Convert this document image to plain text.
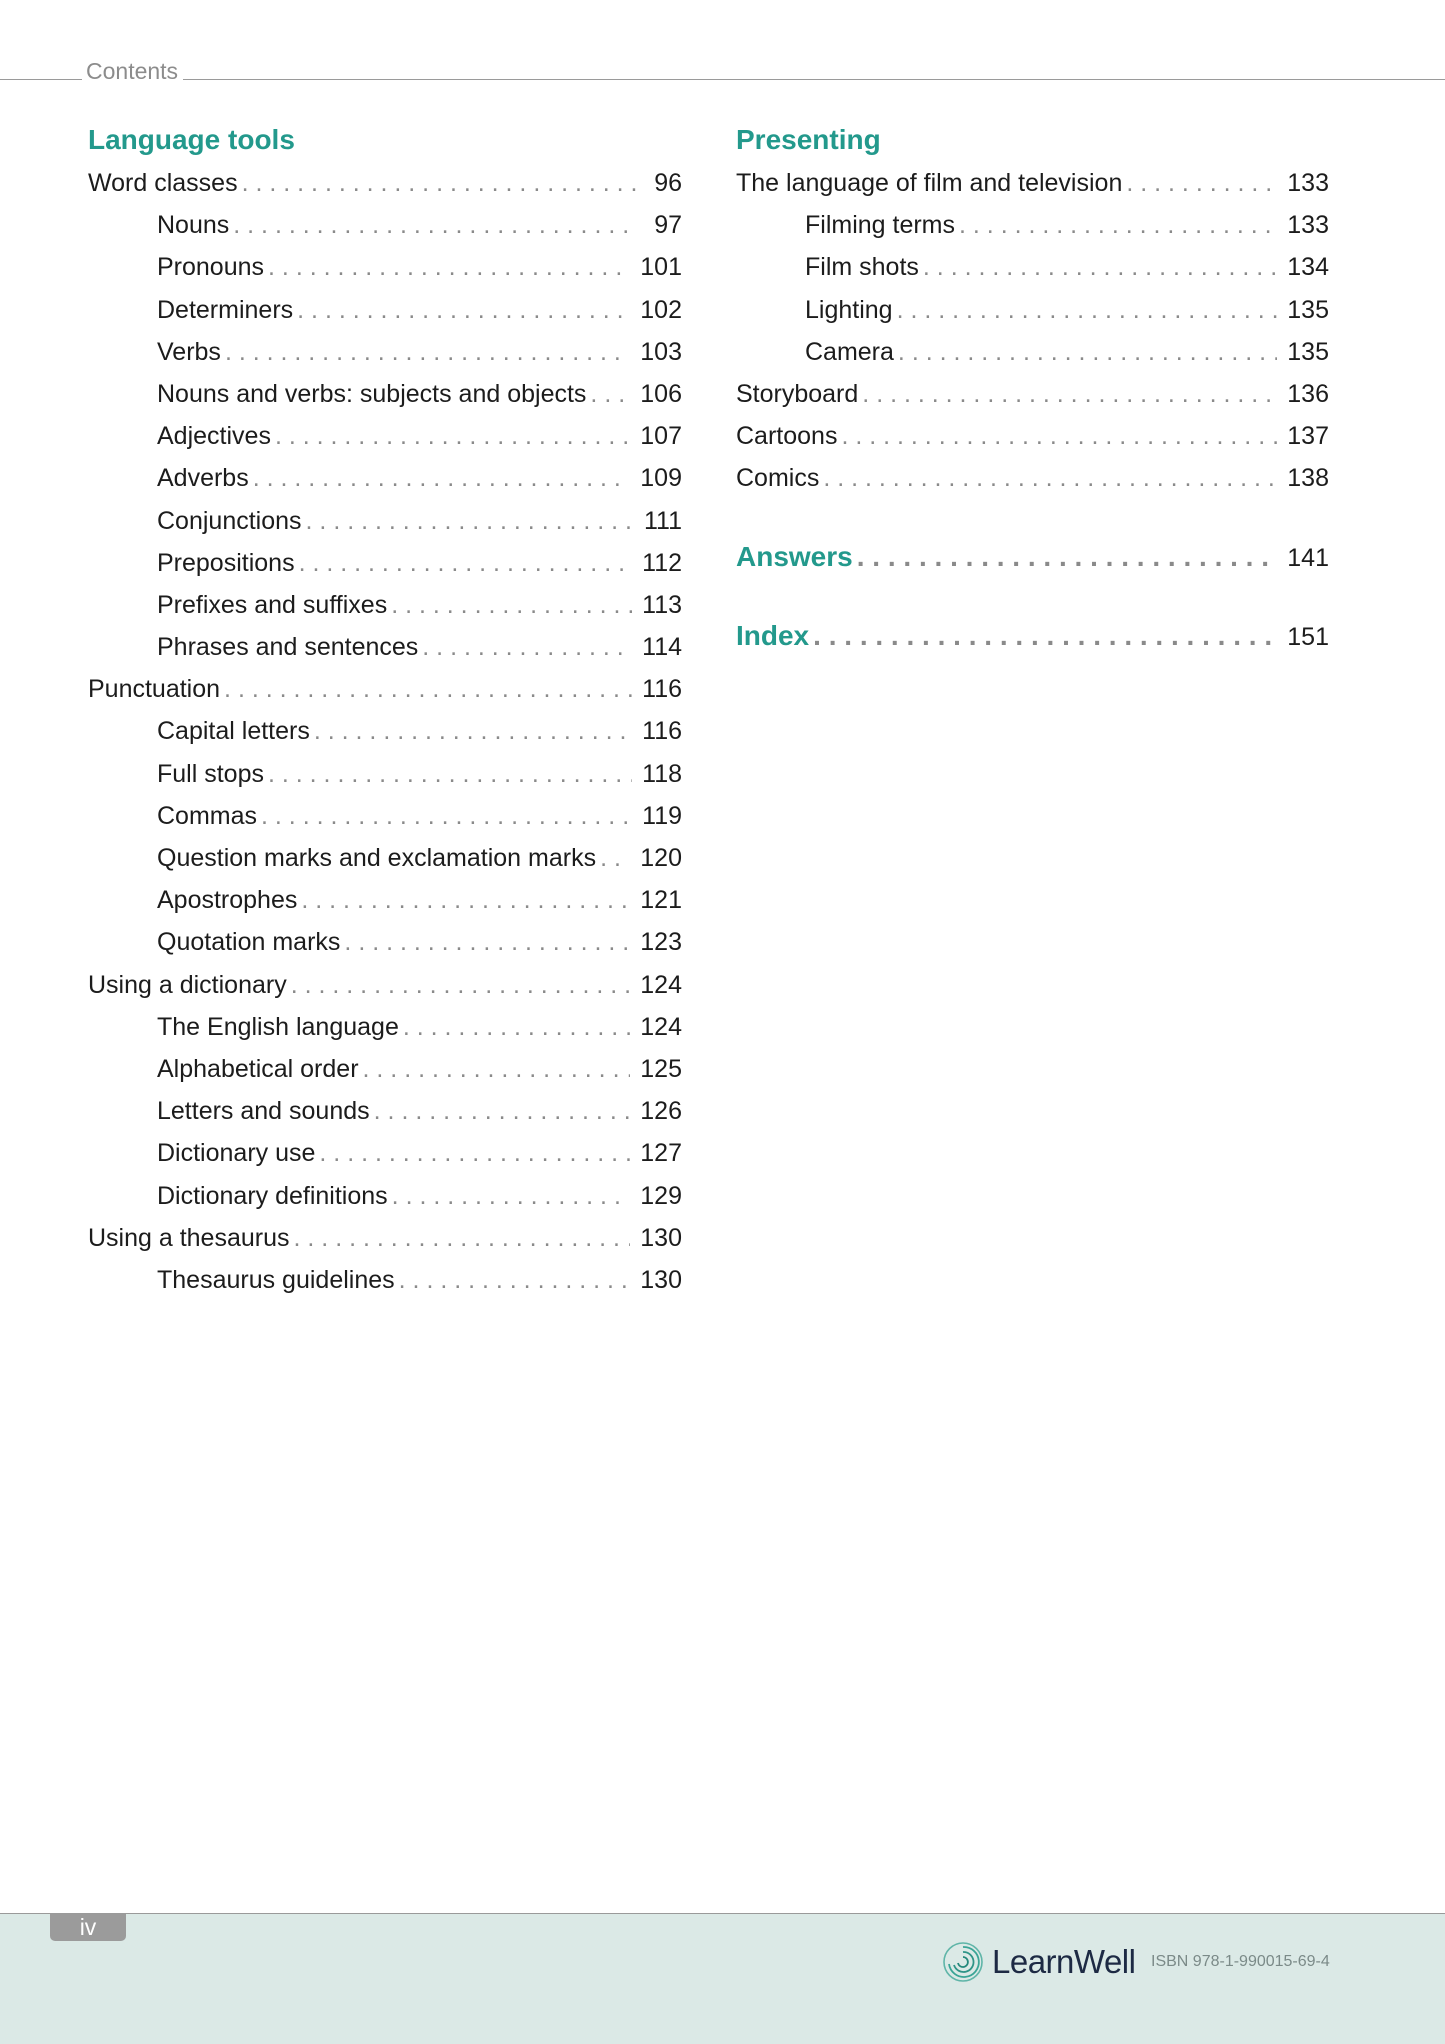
Contents
Language tools
Word classes . . .	96
Nouns . . .	97
Pronouns . . .	101
Determiners . . .	102
Verbs . . .	103
Nouns and verbs: subjects and objects . . . 106
Adjectives . . .	107
Adverbs . . .	109
Conjunctions . . .	111
Prepositions . . .	112
Prefixes and suffixes . . .	113
Phrases and sentences . . .	114
Punctuation . . .	116
Capital letters . . .	116
Full stops . . .	118
Commas . . .	119
Question marks and exclamation marks . . . 120
Apostrophes . . .	121
Quotation marks . . .	123
Using a dictionary . . .	124
The English language . . .	124
Alphabetical order . . .	125
Letters and sounds . . .	126
Dictionary use . . .	127
Dictionary definitions . . .	129
Using a thesaurus . . .	130
Thesaurus guidelines . . .	130
Presenting
The language of film and television . . .	133
Filming terms . . .	133
Film shots . . .	134
Lighting . . .	135
Camera . . .	135
Storyboard . . .	136
Cartoons . . .	137
Comics . . .	138
Answers . . .	141
Index . . .	151
iv
LearnWell ISBN 978-1-990015-69-4
